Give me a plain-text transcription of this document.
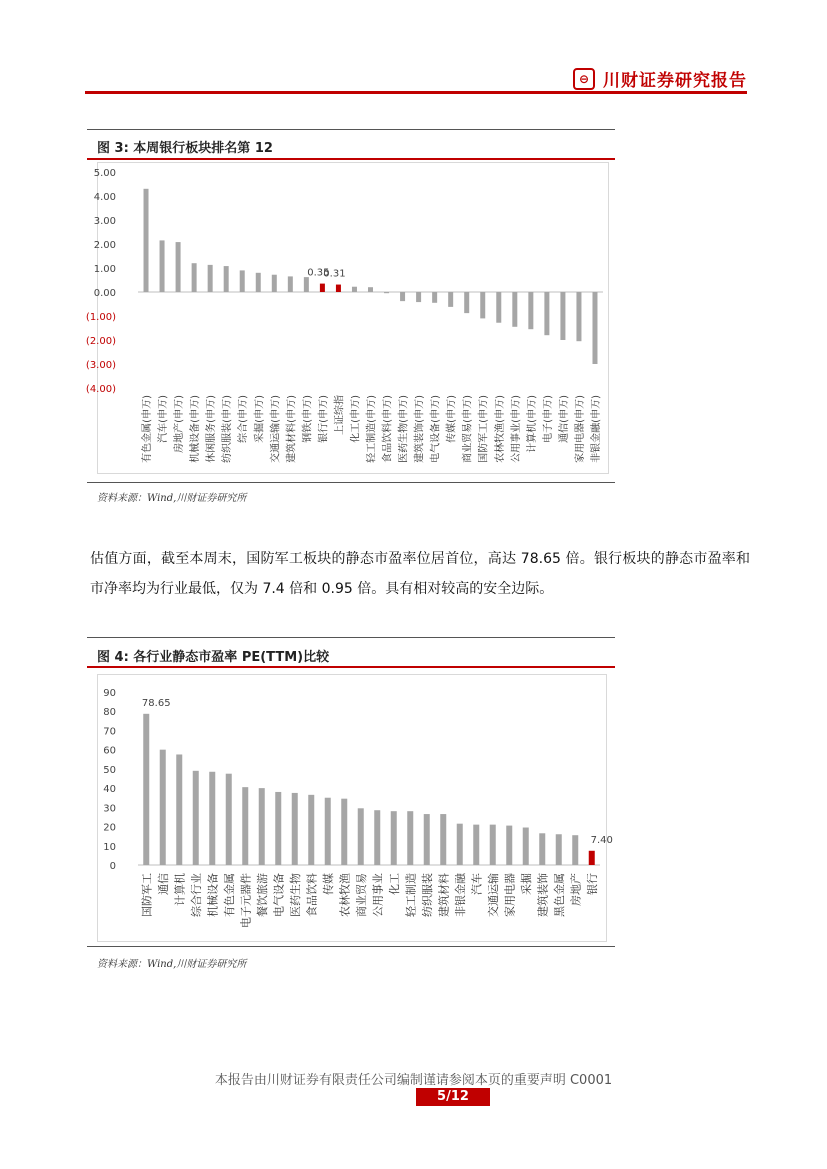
⊖ 川财证券研究报告
图 3: 本周银行板块排名第 12
5.00
4.00
3.00
2.00
1.00
0.00
(1.00)
(2.00)
(3.00)
(4.00)
有色金属(申万) 汽车(申万) 房地产(申万) 机械设备(申万) 休闲服务(申万) 纺织服装(申万) 综合(申万) 采掘(申万) 交通运输(申万) 建筑材料(申万) 钢铁(申万) 银行(申万) 上证综指 化工(申万) 轻工制造(申万) 食品饮料(申万) 医药生物(申万) 建筑装饰(申万) 电气设备(申万) 传媒(申万) 商业贸易(申万) 国防军工(申万) 农林牧渔(申万) 公用事业(申万) 计算机(申万) 电子(申万) 通信(申万) 家用电器(申万) 非银金融(申万)
0.35
0.31
资料来源：Wind,川财证券研究所
估值方面，截至本周末，国防军工板块的静态市盈率位居首位，高达 78.65 倍。银行板块的静态市盈率和市净率均为行业最低，仅为 7.4 倍和 0.95 倍。具有相对较高的安全边际。
图 4: 各行业静态市盈率 PE(TTM)比较
90
80
70
60
50
40
30
20
10
0
国防军工 通信 计算机 综合行业 机械设备 有色金属 电子元器件 餐饮旅游 电气设备 医药生物 食品饮料 传媒 农林牧渔 商业贸易 公用事业 化工 轻工制造 纺织服装 建筑材料 非银金融 汽车 交通运输 家用电器 采掘 建筑装饰 黑色金属 房地产 银行
78.65
7.40
资料来源：Wind,川财证券研究所
本报告由川财证券有限责任公司编制谨请参阅本页的重要声明 C0001
5/12
